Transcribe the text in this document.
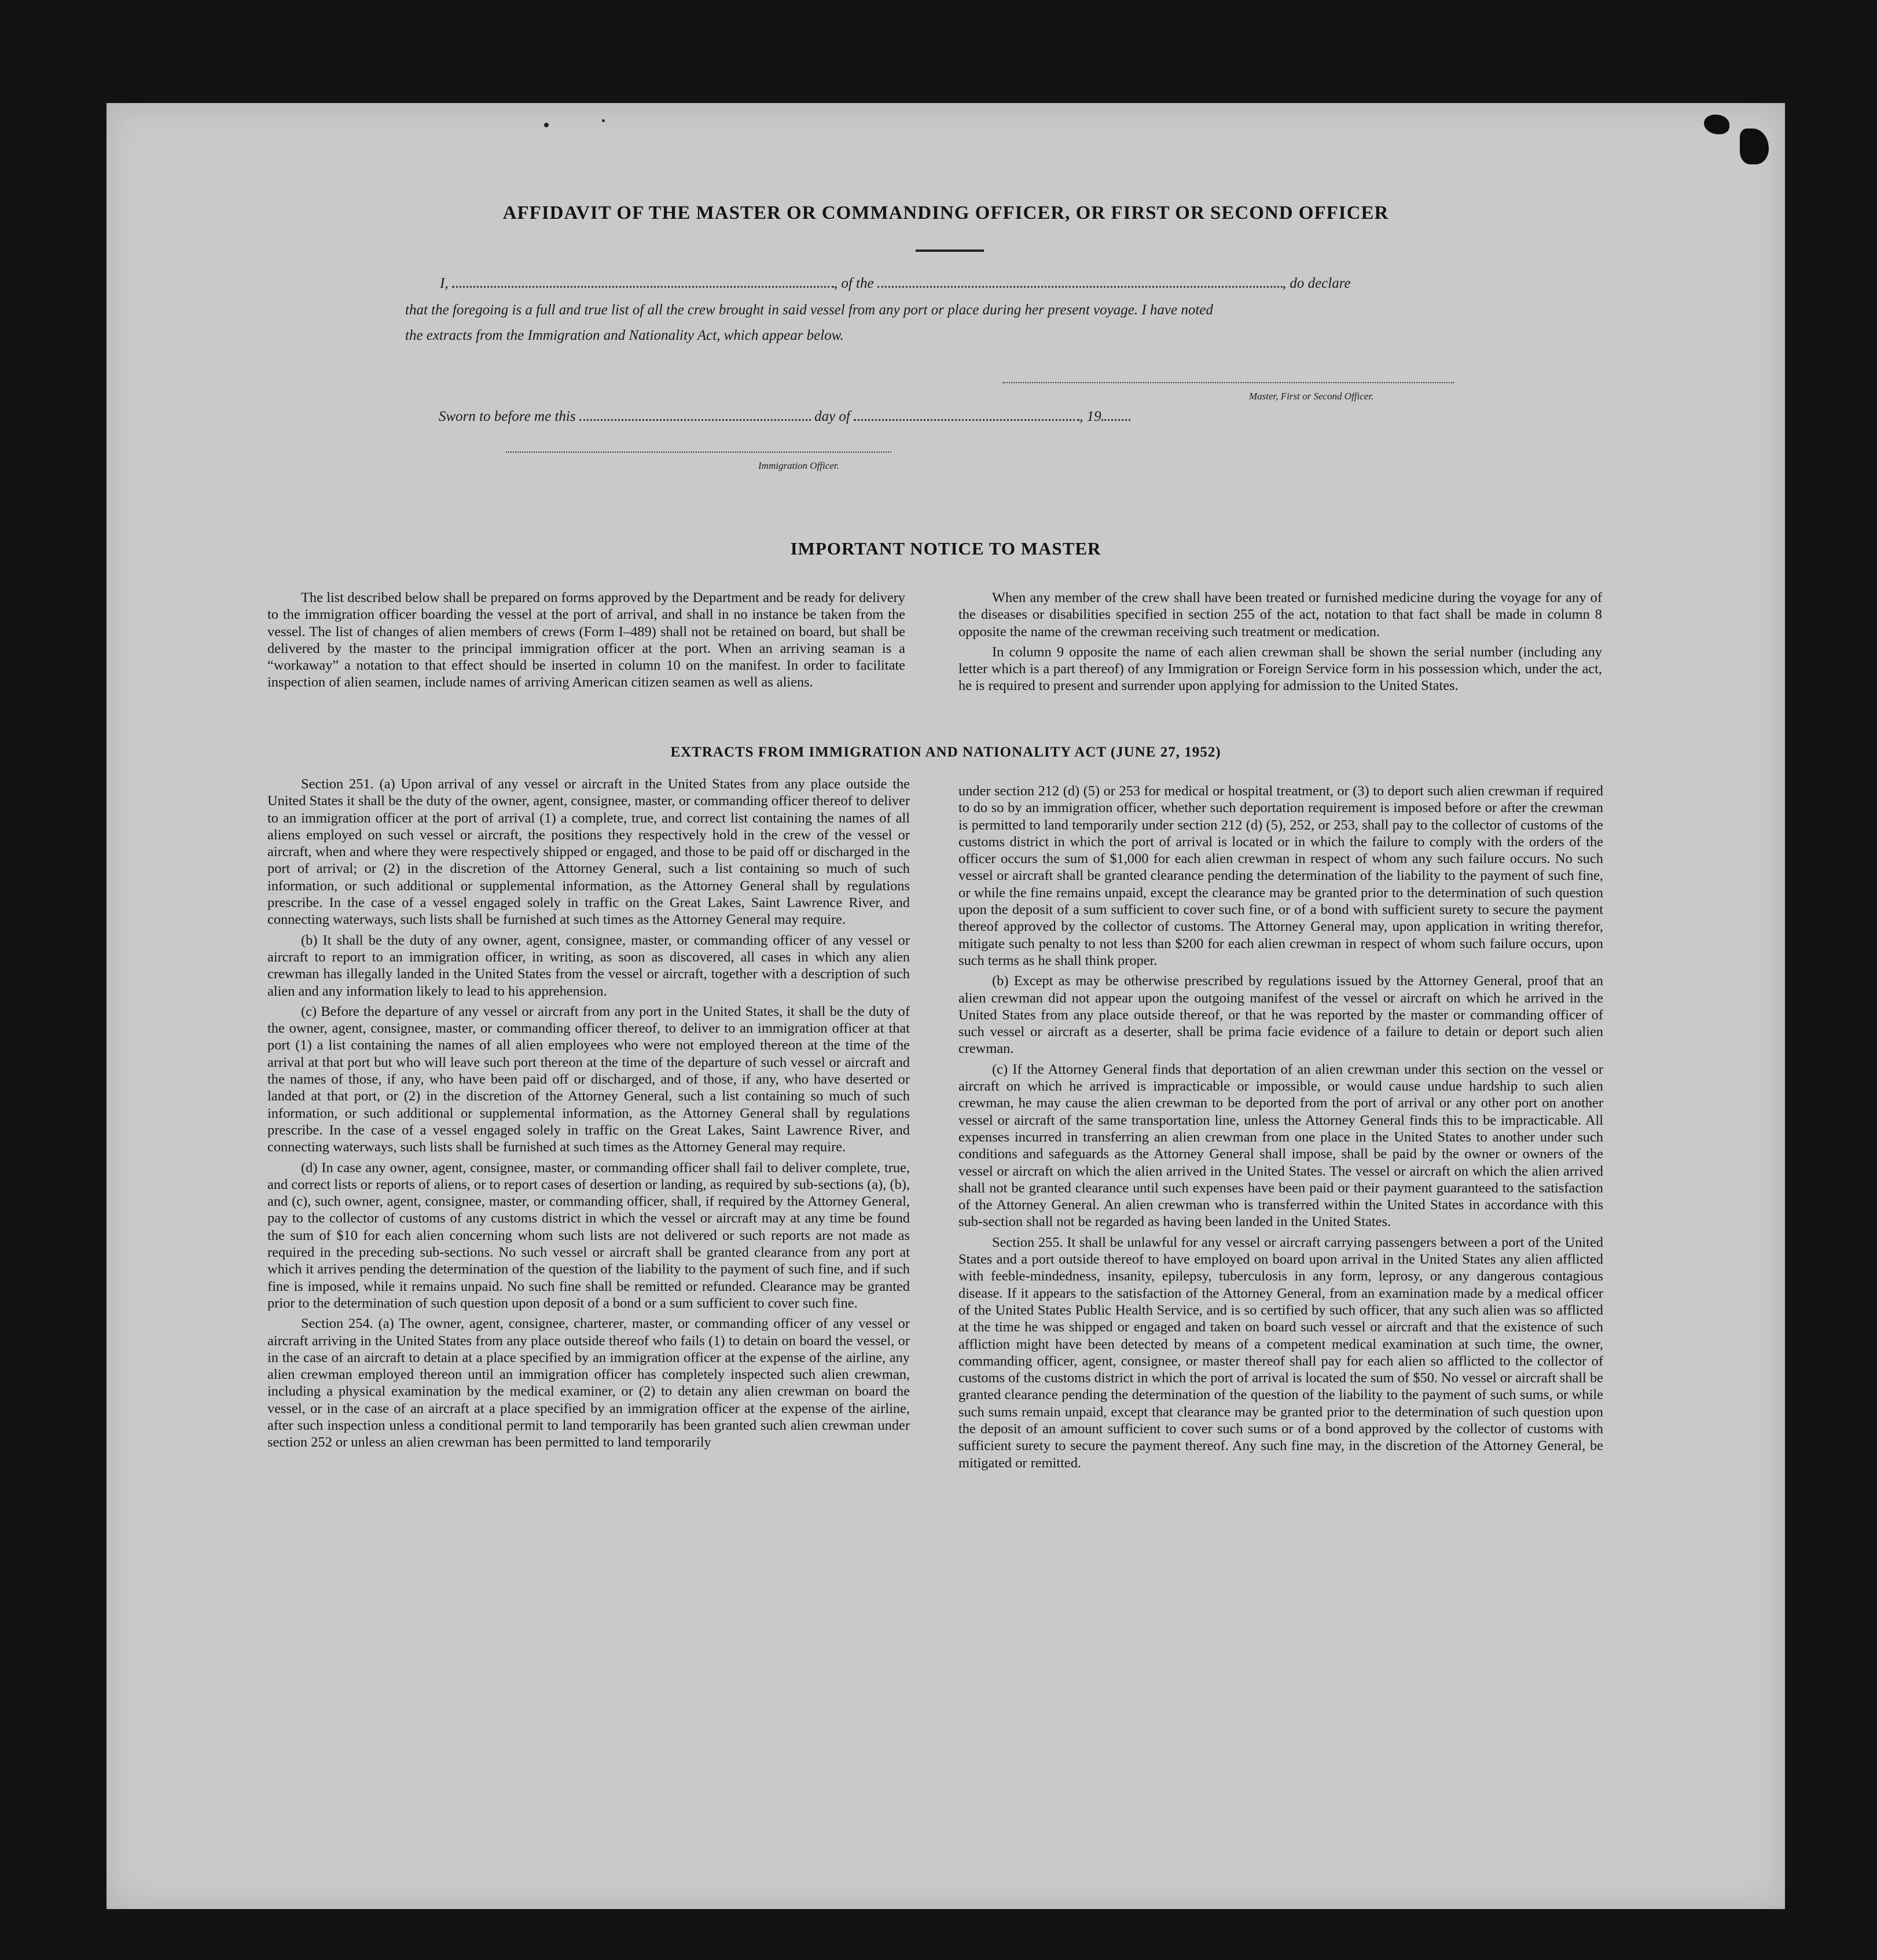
AFFIDAVIT OF THE MASTER OR COMMANDING OFFICER, OR FIRST OR SECOND OFFICER
I,	, of the	, do declare
that the foregoing is a full and true list of all the crew brought in said vessel from any port or place during her present voyage. I have noted
the extracts from the Immigration and Nationality Act, which appear below.
Master, First or Second Officer.
Sworn to before me this	day of	, 19
Immigration Officer.
IMPORTANT NOTICE TO MASTER

The list described below shall be prepared on forms approved by the Department and be ready for delivery to the immigration officer boarding the vessel at the port of arrival, and shall in no instance be taken from the vessel. The list of changes of alien members of crews (Form I–489) shall not be retained on board, but shall be delivered by the master to the principal immigration officer at the port. When an arriving seaman is a “workaway” a notation to that effect should be inserted in column 10 on the manifest. In order to facilitate inspection of alien seamen, include names of arriving American citizen seamen as well as aliens.

When any member of the crew shall have been treated or furnished medicine during the voyage for any of the diseases or disabilities specified in section 255 of the act, notation to that fact shall be made in column 8 opposite the name of the crewman receiving such treatment or medication.

In column 9 opposite the name of each alien crewman shall be shown the serial number (including any letter which is a part thereof) of any Immigration or Foreign Service form in his possession which, under the act, he is required to present and surrender upon applying for admission to the United States.

EXTRACTS FROM IMMIGRATION AND NATIONALITY ACT (JUNE 27, 1952)

Section 251. (a) Upon arrival of any vessel or aircraft in the United States from any place outside the United States it shall be the duty of the owner, agent, consignee, master, or commanding officer thereof to deliver to an immigration officer at the port of arrival (1) a complete, true, and correct list containing the names of all aliens employed on such vessel or aircraft, the positions they respectively hold in the crew of the vessel or aircraft, when and where they were respectively shipped or engaged, and those to be paid off or discharged in the port of arrival; or (2) in the discretion of the Attorney General, such a list containing so much of such information, or such additional or supplemental information, as the Attorney General shall by regulations prescribe. In the case of a vessel engaged solely in traffic on the Great Lakes, Saint Lawrence River, and connecting waterways, such lists shall be furnished at such times as the Attorney General may require.

(b) It shall be the duty of any owner, agent, consignee, master, or commanding officer of any vessel or aircraft to report to an immigration officer, in writing, as soon as discovered, all cases in which any alien crewman has illegally landed in the United States from the vessel or aircraft, together with a description of such alien and any information likely to lead to his apprehension.

(c) Before the departure of any vessel or aircraft from any port in the United States, it shall be the duty of the owner, agent, consignee, master, or commanding officer thereof, to deliver to an immigration officer at that port (1) a list containing the names of all alien employees who were not employed thereon at the time of the arrival at that port but who will leave such port thereon at the time of the departure of such vessel or aircraft and the names of those, if any, who have been paid off or discharged, and of those, if any, who have deserted or landed at that port, or (2) in the discretion of the Attorney General, such a list containing so much of such information, or such additional or supplemental information, as the Attorney General shall by regulations prescribe. In the case of a vessel engaged solely in traffic on the Great Lakes, Saint Lawrence River, and connecting waterways, such lists shall be furnished at such times as the Attorney General may require.

(d) In case any owner, agent, consignee, master, or commanding officer shall fail to deliver complete, true, and correct lists or reports of aliens, or to report cases of desertion or landing, as required by sub-sections (a), (b), and (c), such owner, agent, consignee, master, or commanding officer, shall, if required by the Attorney General, pay to the collector of customs of any customs district in which the vessel or aircraft may at any time be found the sum of $10 for each alien concerning whom such lists are not delivered or such reports are not made as required in the preceding sub-sections. No such vessel or aircraft shall be granted clearance from any port at which it arrives pending the determination of the question of the liability to the payment of such fine, and if such fine is imposed, while it remains unpaid. No such fine shall be remitted or refunded. Clearance may be granted prior to the determination of such question upon deposit of a bond or a sum sufficient to cover such fine.

Section 254. (a) The owner, agent, consignee, charterer, master, or commanding officer of any vessel or aircraft arriving in the United States from any place outside thereof who fails (1) to detain on board the vessel, or in the case of an aircraft to detain at a place specified by an immigration officer at the expense of the airline, any alien crewman employed thereon until an immigration officer has completely inspected such alien crewman, including a physical examination by the medical examiner, or (2) to detain any alien crewman on board the vessel, or in the case of an aircraft at a place specified by an immigration officer at the expense of the airline, after such inspection unless a conditional permit to land temporarily has been granted such alien crewman under section 252 or unless an alien crewman has been permitted to land temporarily

under section 212 (d) (5) or 253 for medical or hospital treatment, or (3) to deport such alien crewman if required to do so by an immigration officer, whether such deportation requirement is imposed before or after the crewman is permitted to land temporarily under section 212 (d) (5), 252, or 253, shall pay to the collector of customs of the customs district in which the port of arrival is located or in which the failure to comply with the orders of the officer occurs the sum of $1,000 for each alien crewman in respect of whom any such failure occurs. No such vessel or aircraft shall be granted clearance pending the determination of the liability to the payment of such fine, or while the fine remains unpaid, except the clearance may be granted prior to the determination of such question upon the deposit of a sum sufficient to cover such fine, or of a bond with sufficient surety to secure the payment thereof approved by the collector of customs. The Attorney General may, upon application in writing therefor, mitigate such penalty to not less than $200 for each alien crewman in respect of whom such failure occurs, upon such terms as he shall think proper.

(b) Except as may be otherwise prescribed by regulations issued by the Attorney General, proof that an alien crewman did not appear upon the outgoing manifest of the vessel or aircraft on which he arrived in the United States from any place outside thereof, or that he was reported by the master or commanding officer of such vessel or aircraft as a deserter, shall be prima facie evidence of a failure to detain or deport such alien crewman.

(c) If the Attorney General finds that deportation of an alien crewman under this section on the vessel or aircraft on which he arrived is impracticable or impossible, or would cause undue hardship to such alien crewman, he may cause the alien crewman to be deported from the port of arrival or any other port on another vessel or aircraft of the same transportation line, unless the Attorney General finds this to be impracticable. All expenses incurred in transferring an alien crewman from one place in the United States to another under such conditions and safeguards as the Attorney General shall impose, shall be paid by the owner or owners of the vessel or aircraft on which the alien arrived in the United States. The vessel or aircraft on which the alien arrived shall not be granted clearance until such expenses have been paid or their payment guaranteed to the satisfaction of the Attorney General. An alien crewman who is transferred within the United States in accordance with this sub-section shall not be regarded as having been landed in the United States.

Section 255. It shall be unlawful for any vessel or aircraft carrying passengers between a port of the United States and a port outside thereof to have employed on board upon arrival in the United States any alien afflicted with feeble-mindedness, insanity, epilepsy, tuberculosis in any form, leprosy, or any dangerous contagious disease. If it appears to the satisfaction of the Attorney General, from an examination made by a medical officer of the United States Public Health Service, and is so certified by such officer, that any such alien was so afflicted at the time he was shipped or engaged and taken on board such vessel or aircraft and that the existence of such affliction might have been detected by means of a competent medical examination at such time, the owner, commanding officer, agent, consignee, or master thereof shall pay for each alien so afflicted to the collector of customs of the customs district in which the port of arrival is located the sum of $50. No vessel or aircraft shall be granted clearance pending the determination of the question of the liability to the payment of such sums, or while such sums remain unpaid, except that clearance may be granted prior to the determination of such question upon the deposit of an amount sufficient to cover such sums or of a bond approved by the collector of customs with sufficient surety to secure the payment thereof. Any such fine may, in the discretion of the Attorney General, be mitigated or remitted.
